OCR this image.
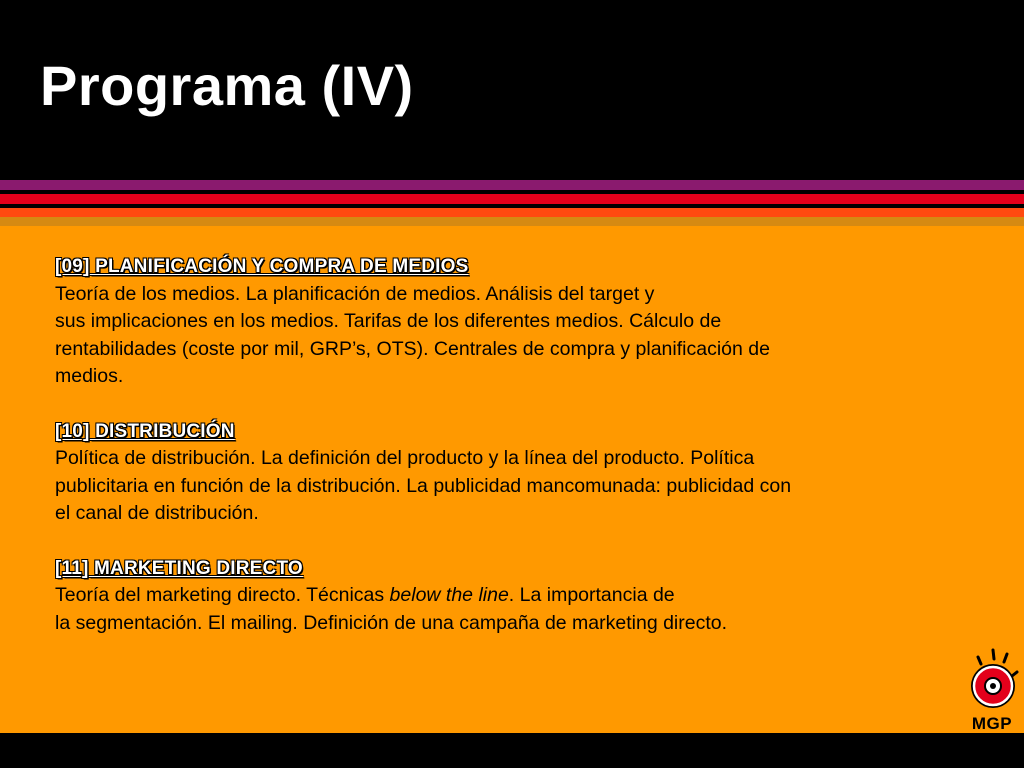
Programa (IV)
[09] PLANIFICACIÓN Y COMPRA DE MEDIOS
Teoría de los medios. La planificación de medios. Análisis del target y
sus implicaciones en los medios. Tarifas de los diferentes medios. Cálculo de
rentabilidades (coste por mil, GRP’s, OTS). Centrales de compra y planificación de
medios.
[10] DISTRIBUCIÓN
Política de distribución. La definición del producto y la línea del producto. Política
publicitaria en función de la distribución. La publicidad mancomunada: publicidad con
el canal de distribución.
[11] MARKETING DIRECTO
Teoría del marketing directo. Técnicas below the line. La importancia de
la segmentación. El mailing. Definición de una campaña de marketing directo.
MGP
